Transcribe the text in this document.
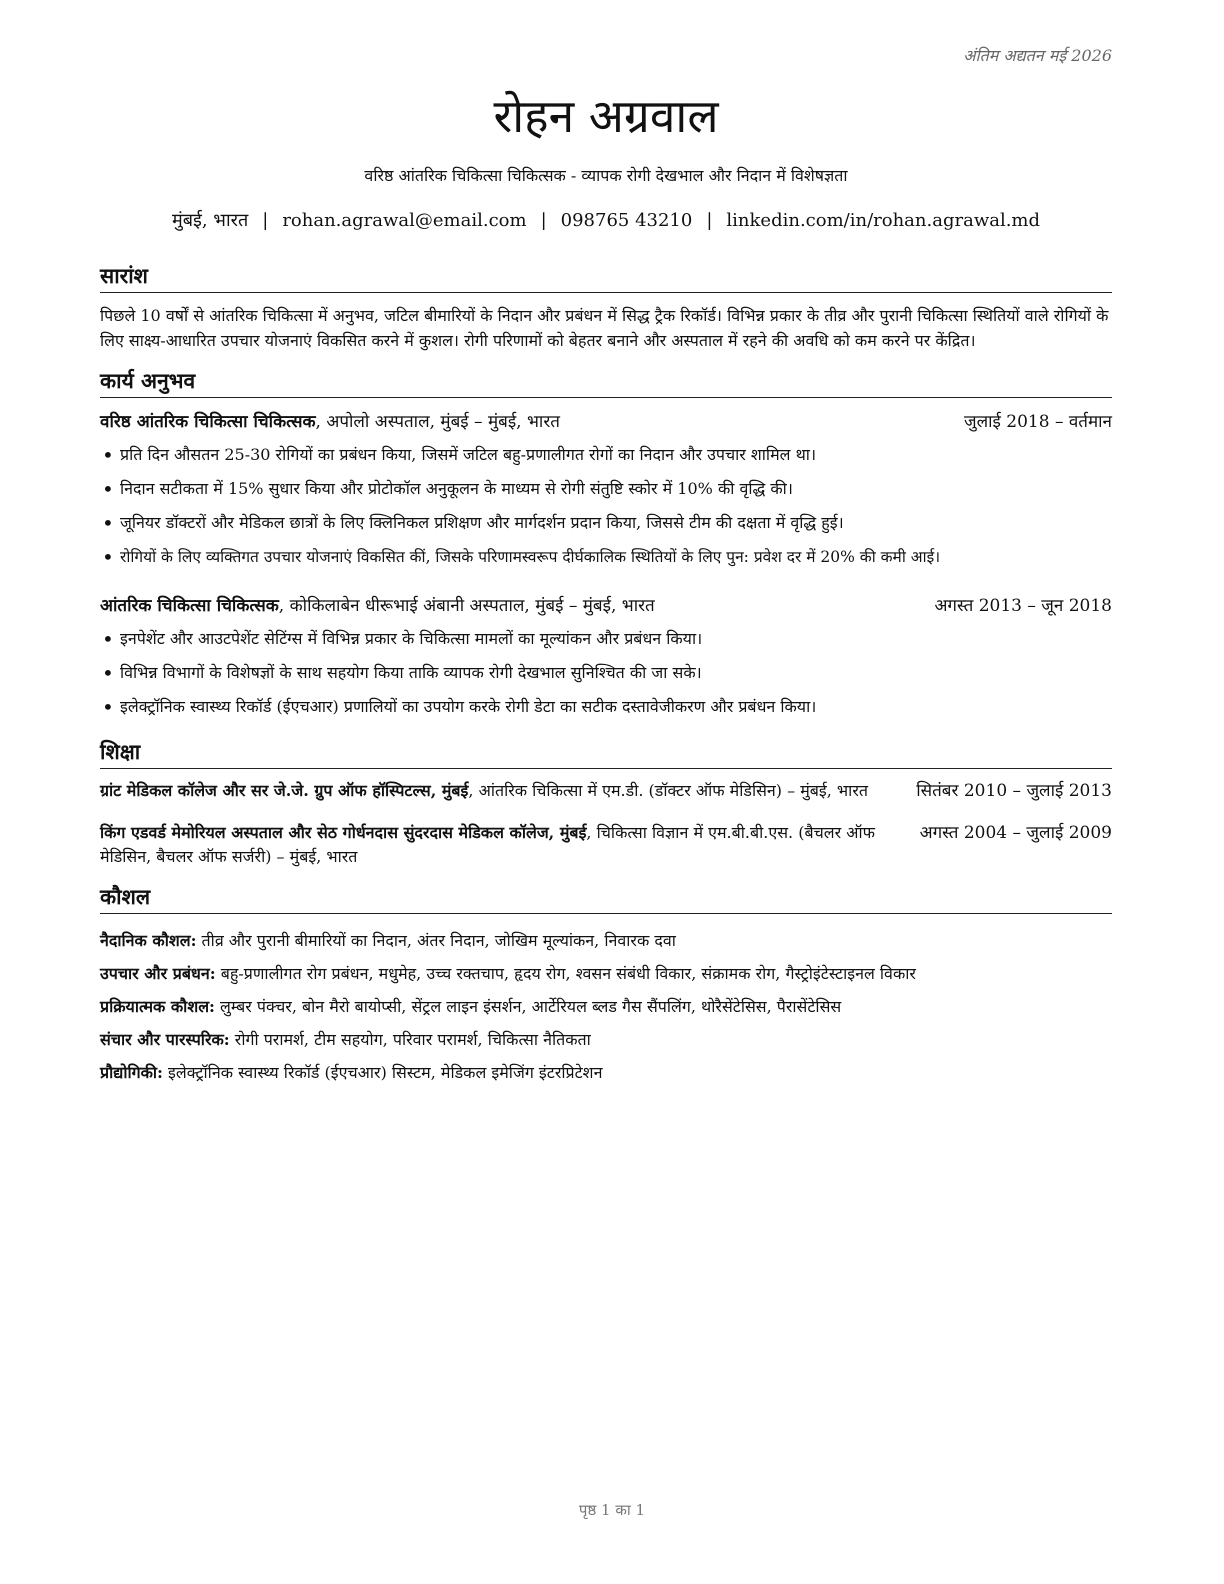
अंतिम अद्यतन मई 2026
रोहन अग्रवाल
वरिष्ठ आंतरिक चिकित्सा चिकित्सक - व्यापक रोगी देखभाल और निदान में विशेषज्ञता
मुंबई, भारत | rohan.agrawal@email.com | 098765 43210 | linkedin.com/in/rohan.agrawal.md
सारांश

पिछले 10 वर्षों से आंतरिक चिकित्सा में अनुभव, जटिल बीमारियों के निदान और प्रबंधन में सिद्ध ट्रैक रिकॉर्ड। विभिन्न प्रकार के तीव्र और पुरानी चिकित्सा स्थितियों वाले रोगियों के लिए साक्ष्य-आधारित उपचार योजनाएं विकसित करने में कुशल। रोगी परिणामों को बेहतर बनाने और अस्पताल में रहने की अवधि को कम करने पर केंद्रित।

कार्य अनुभव
वरिष्ठ आंतरिक चिकित्सा चिकित्सक, अपोलो अस्पताल, मुंबई – मुंबई, भारत	जुलाई 2018 – वर्तमान
• प्रति दिन औसतन 25-30 रोगियों का प्रबंधन किया, जिसमें जटिल बहु-प्रणालीगत रोगों का निदान और उपचार शामिल था।
• निदान सटीकता में 15% सुधार किया और प्रोटोकॉल अनुकूलन के माध्यम से रोगी संतुष्टि स्कोर में 10% की वृद्धि की।
• जूनियर डॉक्टरों और मेडिकल छात्रों के लिए क्लिनिकल प्रशिक्षण और मार्गदर्शन प्रदान किया, जिससे टीम की दक्षता में वृद्धि हुई।
• रोगियों के लिए व्यक्तिगत उपचार योजनाएं विकसित कीं, जिसके परिणामस्वरूप दीर्घकालिक स्थितियों के लिए पुन: प्रवेश दर में 20% की कमी आई।
आंतरिक चिकित्सा चिकित्सक, कोकिलाबेन धीरूभाई अंबानी अस्पताल, मुंबई – मुंबई, भारत	अगस्त 2013 – जून 2018
• इनपेशेंट और आउटपेशेंट सेटिंग्स में विभिन्न प्रकार के चिकित्सा मामलों का मूल्यांकन और प्रबंधन किया।
• विभिन्न विभागों के विशेषज्ञों के साथ सहयोग किया ताकि व्यापक रोगी देखभाल सुनिश्चित की जा सके।
• इलेक्ट्रॉनिक स्वास्थ्य रिकॉर्ड (ईएचआर) प्रणालियों का उपयोग करके रोगी डेटा का सटीक दस्तावेजीकरण और प्रबंधन किया।
शिक्षा
ग्रांट मेडिकल कॉलेज और सर जे.जे. ग्रुप ऑफ हॉस्पिटल्स, मुंबई, आंतरिक चिकित्सा में एम.डी. (डॉक्टर ऑफ मेडिसिन) – मुंबई, भारत	सितंबर 2010 – जुलाई 2013
किंग एडवर्ड मेमोरियल अस्पताल और सेठ गोर्धनदास सुंदरदास मेडिकल कॉलेज, मुंबई, चिकित्सा विज्ञान में एम.बी.बी.एस. (बैचलर ऑफ मेडिसिन, बैचलर ऑफ सर्जरी) – मुंबई, भारत
अगस्त 2004 – जुलाई 2009
कौशल
नैदानिक कौशल: तीव्र और पुरानी बीमारियों का निदान, अंतर निदान, जोखिम मूल्यांकन, निवारक दवा
उपचार और प्रबंधन: बहु-प्रणालीगत रोग प्रबंधन, मधुमेह, उच्च रक्तचाप, हृदय रोग, श्वसन संबंधी विकार, संक्रामक रोग, गैस्ट्रोइंटेस्टाइनल विकार
प्रक्रियात्मक कौशल: लुम्बर पंक्चर, बोन मैरो बायोप्सी, सेंट्रल लाइन इंसर्शन, आर्टेरियल ब्लड गैस सैंपलिंग, थोरैसेंटेसिस, पैरासेंटेसिस
संचार और पारस्परिक: रोगी परामर्श, टीम सहयोग, परिवार परामर्श, चिकित्सा नैतिकता
प्रौद्योगिकी: इलेक्ट्रॉनिक स्वास्थ्य रिकॉर्ड (ईएचआर) सिस्टम, मेडिकल इमेजिंग इंटरप्रिटेशन
पृष्ठ 1 का 1
